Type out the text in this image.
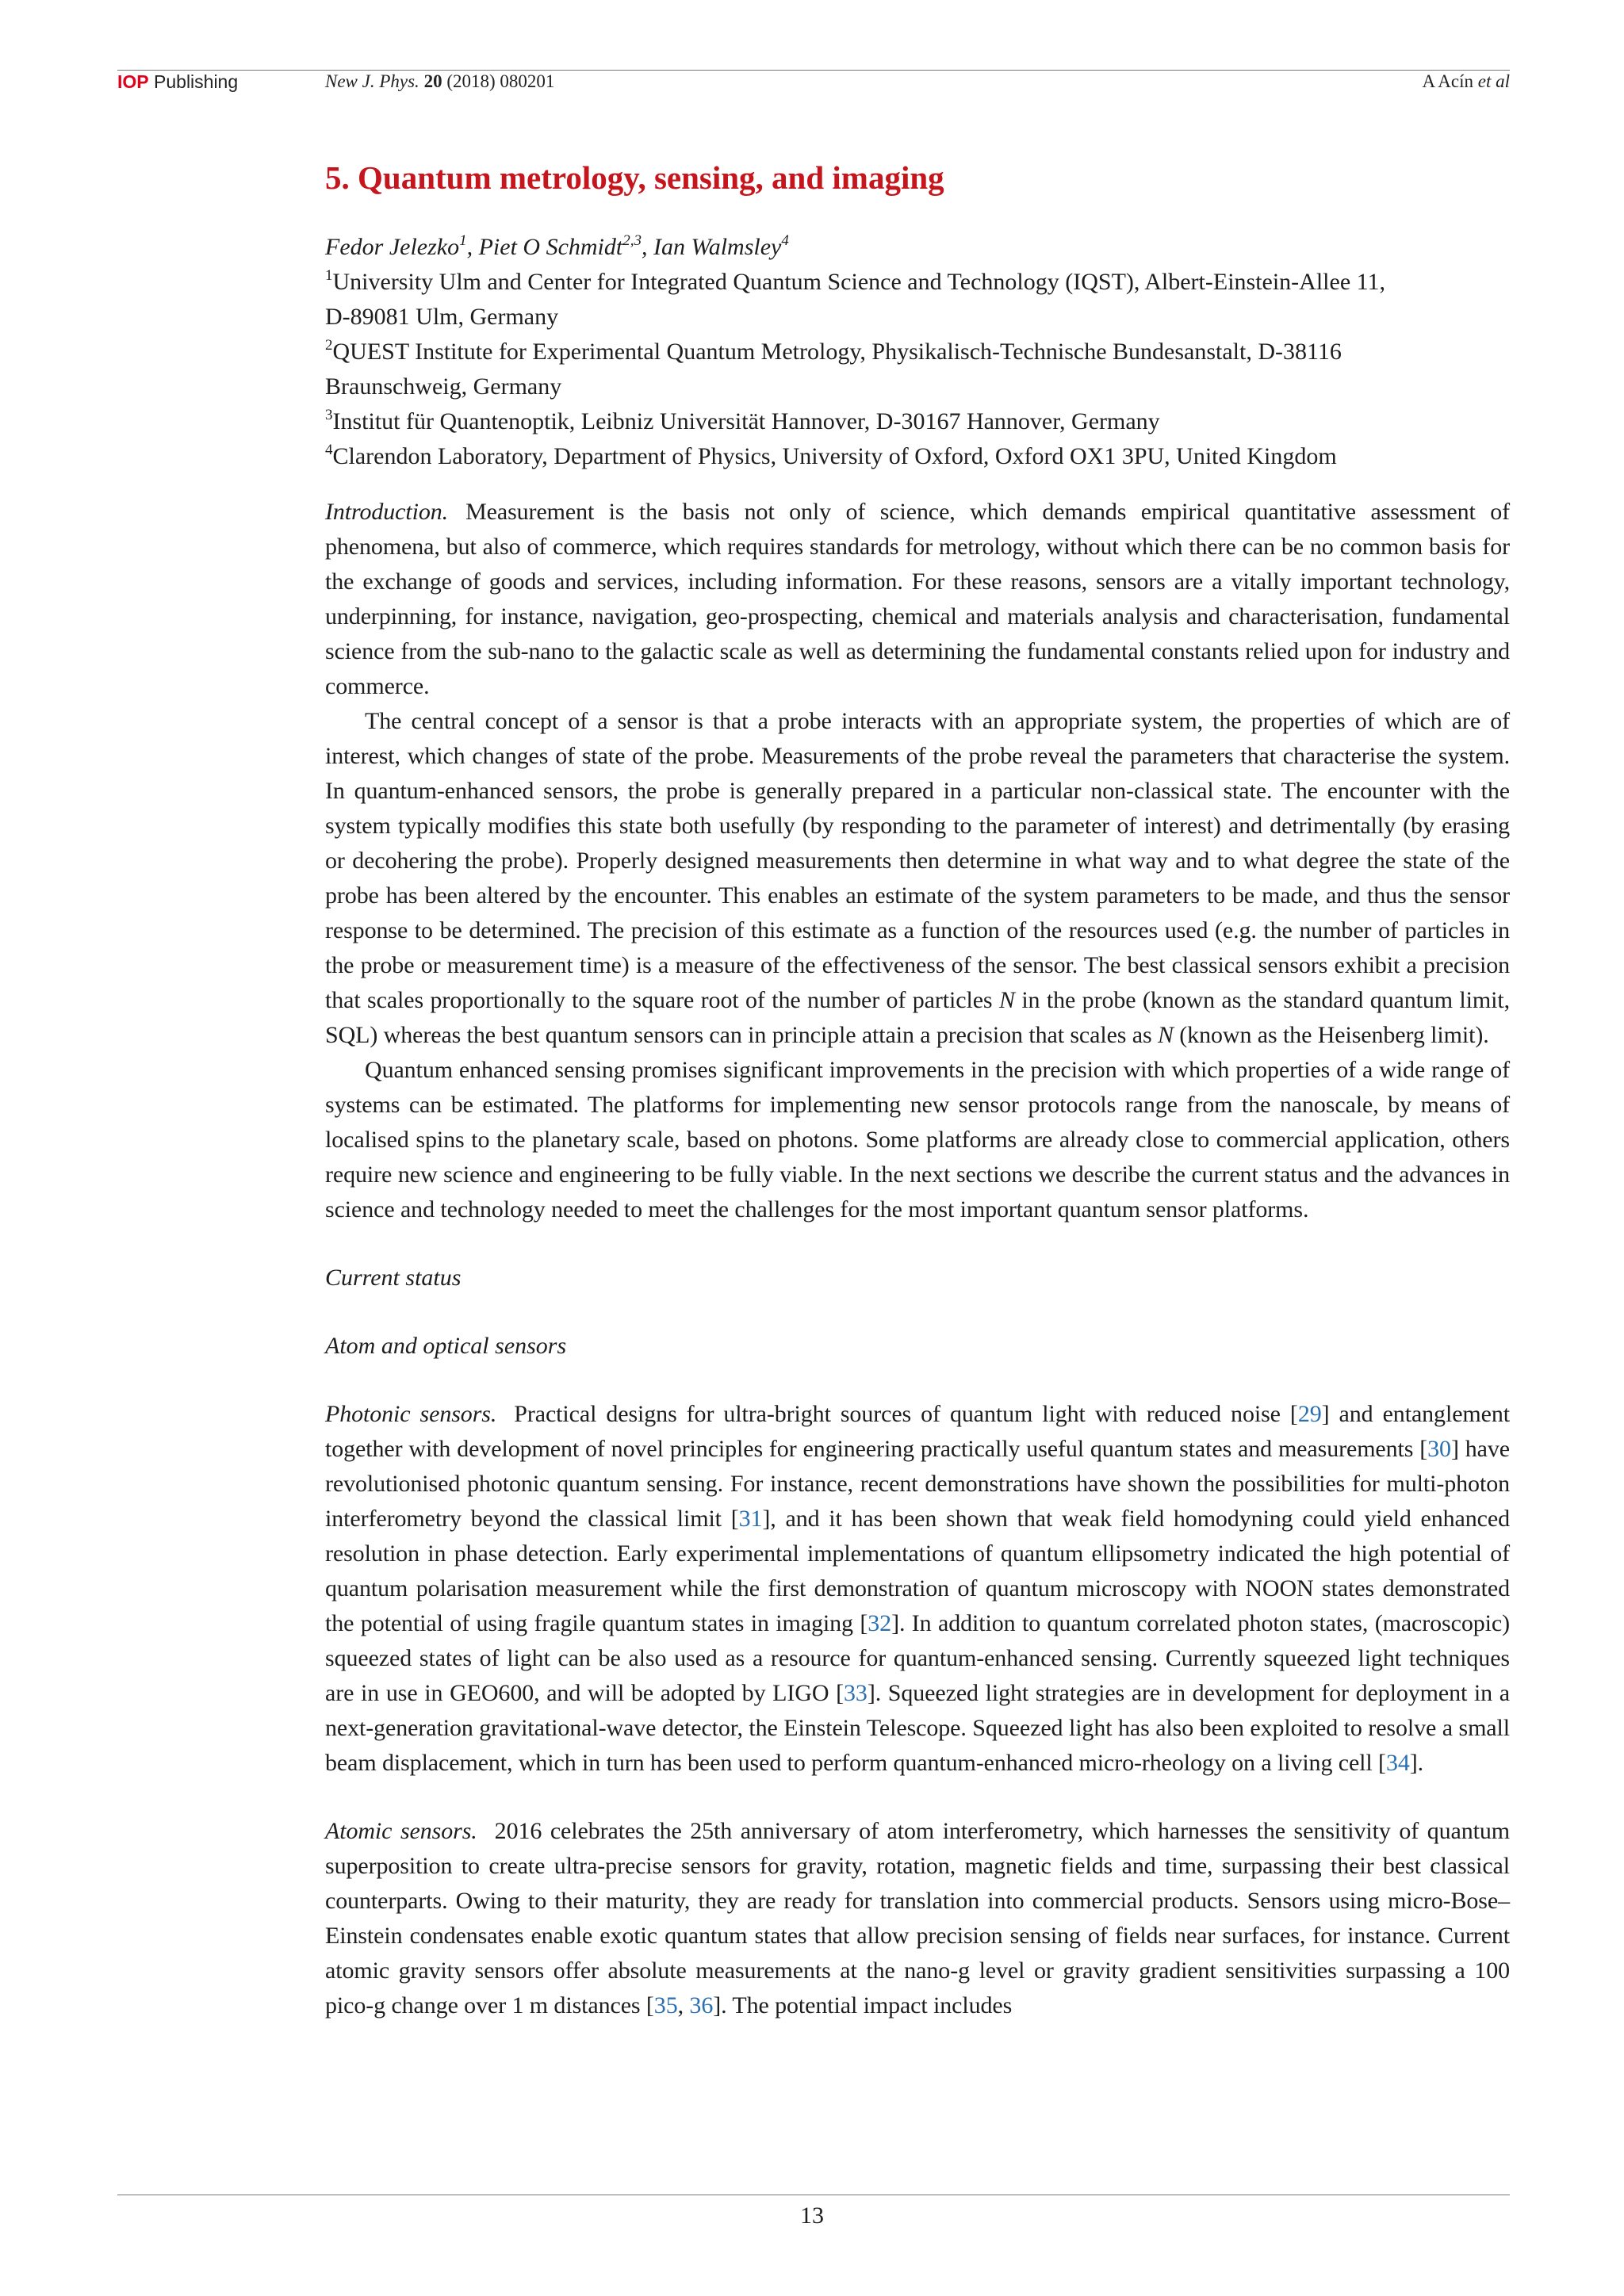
IOP Publishing	New J. Phys. 20 (2018) 080201	A Acín et al
5. Quantum metrology, sensing, and imaging
Fedor Jelezko$^1$, Piet O Schmidt$^{2,3}$, Ian Walmsley$^4$
$^1$University Ulm and Center for Integrated Quantum Science and Technology (IQST), Albert-Einstein-Allee 11,
D-89081 Ulm, Germany
$^2$QUEST Institute for Experimental Quantum Metrology, Physikalisch-Technische Bundesanstalt, D-38116
Braunschweig, Germany
$^3$Institut für Quantenoptik, Leibniz Universität Hannover, D-30167 Hannover, Germany
$^4$Clarendon Laboratory, Department of Physics, University of Oxford, Oxford OX1 3PU, United Kingdom

Introduction. Measurement is the basis not only of science, which demands empirical quantitative assessment of phenomena, but also of commerce, which requires standards for metrology, without which there can be no common basis for the exchange of goods and services, including information. For these reasons, sensors are a vitally important technology, underpinning, for instance, navigation, geo-prospecting, chemical and materials analysis and characterisation, fundamental science from the sub-nano to the galactic scale as well as determining the fundamental constants relied upon for industry and commerce.

The central concept of a sensor is that a probe interacts with an appropriate system, the properties of which are of interest, which changes of state of the probe. Measurements of the probe reveal the parameters that characterise the system. In quantum-enhanced sensors, the probe is generally prepared in a particular non-classical state. The encounter with the system typically modifies this state both usefully (by responding to the parameter of interest) and detrimentally (by erasing or decohering the probe). Properly designed measurements then determine in what way and to what degree the state of the probe has been altered by the encounter. This enables an estimate of the system parameters to be made, and thus the sensor response to be determined. The precision of this estimate as a function of the resources used (e.g. the number of particles in the probe or measurement time) is a measure of the effectiveness of the sensor. The best classical sensors exhibit a precision that scales proportionally to the square root of the number of particles N in the probe (known as the standard quantum limit, SQL) whereas the best quantum sensors can in principle attain a precision that scales as N (known as the Heisenberg limit).

Quantum enhanced sensing promises significant improvements in the precision with which properties of a wide range of systems can be estimated. The platforms for implementing new sensor protocols range from the nanoscale, by means of localised spins to the planetary scale, based on photons. Some platforms are already close to commercial application, others require new science and engineering to be fully viable. In the next sections we describe the current status and the advances in science and technology needed to meet the challenges for the most important quantum sensor platforms.

Current status
Atom and optical sensors

Photonic sensors. Practical designs for ultra-bright sources of quantum light with reduced noise [29] and entanglement together with development of novel principles for engineering practically useful quantum states and measurements [30] have revolutionised photonic quantum sensing. For instance, recent demonstrations have shown the possibilities for multi-photon interferometry beyond the classical limit [31], and it has been shown that weak field homodyning could yield enhanced resolution in phase detection. Early experimental implementations of quantum ellipsometry indicated the high potential of quantum polarisation measurement while the first demonstration of quantum microscopy with NOON states demonstrated the potential of using fragile quantum states in imaging [32]. In addition to quantum correlated photon states, (macroscopic) squeezed states of light can be also used as a resource for quantum-enhanced sensing. Currently squeezed light techniques are in use in GEO600, and will be adopted by LIGO [33]. Squeezed light strategies are in development for deployment in a next-generation gravitational-wave detector, the Einstein Telescope. Squeezed light has also been exploited to resolve a small beam displacement, which in turn has been used to perform quantum-enhanced micro-rheology on a living cell [34].

Atomic sensors. 2016 celebrates the 25th anniversary of atom interferometry, which harnesses the sensitivity of quantum superposition to create ultra-precise sensors for gravity, rotation, magnetic fields and time, surpassing their best classical counterparts. Owing to their maturity, they are ready for translation into commercial products. Sensors using micro-Bose–Einstein condensates enable exotic quantum states that allow precision sensing of fields near surfaces, for instance. Current atomic gravity sensors offer absolute measurements at the nano-g level or gravity gradient sensitivities surpassing a 100 pico-g change over 1 m distances [35, 36]. The potential impact includes

13
